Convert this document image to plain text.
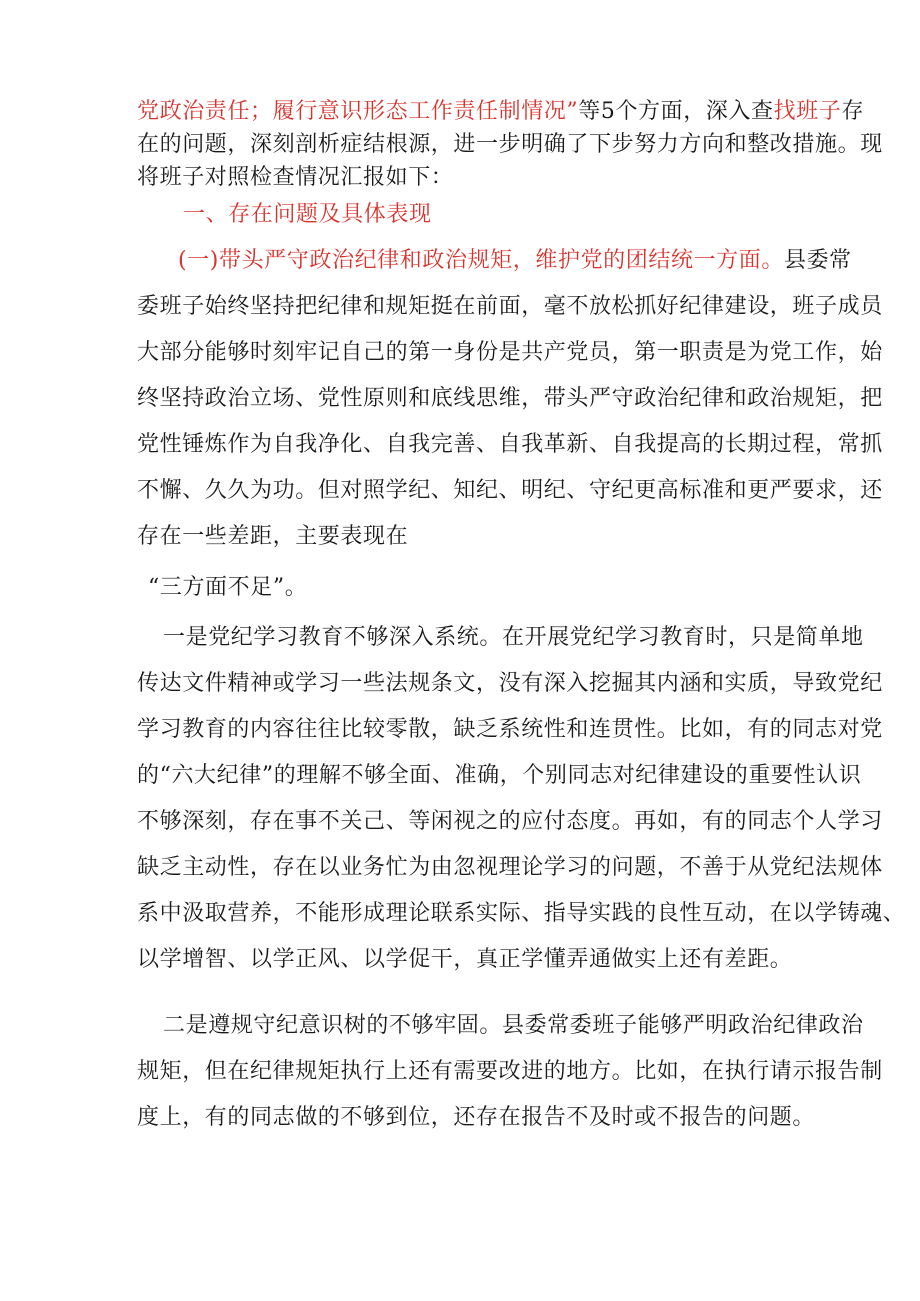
党政治责任；履行意识形态工作责任制情况”等5个方面，深入查找班子存
在的问题，深刻剖析症结根源，进一步明确了下步努力方向和整改措施。现
将班子对照检查情况汇报如下：
一、存在问题及具体表现
(一)带头严守政治纪律和政治规矩，维护党的团结统一方面。县委常
委班子始终坚持把纪律和规矩挺在前面，毫不放松抓好纪律建设，班子成员
大部分能够时刻牢记自己的第一身份是共产党员，第一职责是为党工作，始
终坚持政治立场、党性原则和底线思维，带头严守政治纪律和政治规矩，把
党性锤炼作为自我净化、自我完善、自我革新、自我提高的长期过程，常抓
不懈、久久为功。但对照学纪、知纪、明纪、守纪更高标准和更严要求，还
存在一些差距，主要表现在
“三方面不足”。
一是党纪学习教育不够深入系统。在开展党纪学习教育时，只是简单地
传达文件精神或学习一些法规条文，没有深入挖掘其内涵和实质，导致党纪
学习教育的内容往往比较零散，缺乏系统性和连贯性。比如，有的同志对党
的“六大纪律”的理解不够全面、准确，个别同志对纪律建设的重要性认识
不够深刻，存在事不关己、等闲视之的应付态度。再如，有的同志个人学习
缺乏主动性，存在以业务忙为由忽视理论学习的问题，不善于从党纪法规体
系中汲取营养，不能形成理论联系实际、指导实践的良性互动，在以学铸魂、
以学增智、以学正风、以学促干，真正学懂弄通做实上还有差距。
二是遵规守纪意识树的不够牢固。县委常委班子能够严明政治纪律政治
规矩，但在纪律规矩执行上还有需要改进的地方。比如，在执行请示报告制
度上，有的同志做的不够到位，还存在报告不及时或不报告的问题。
